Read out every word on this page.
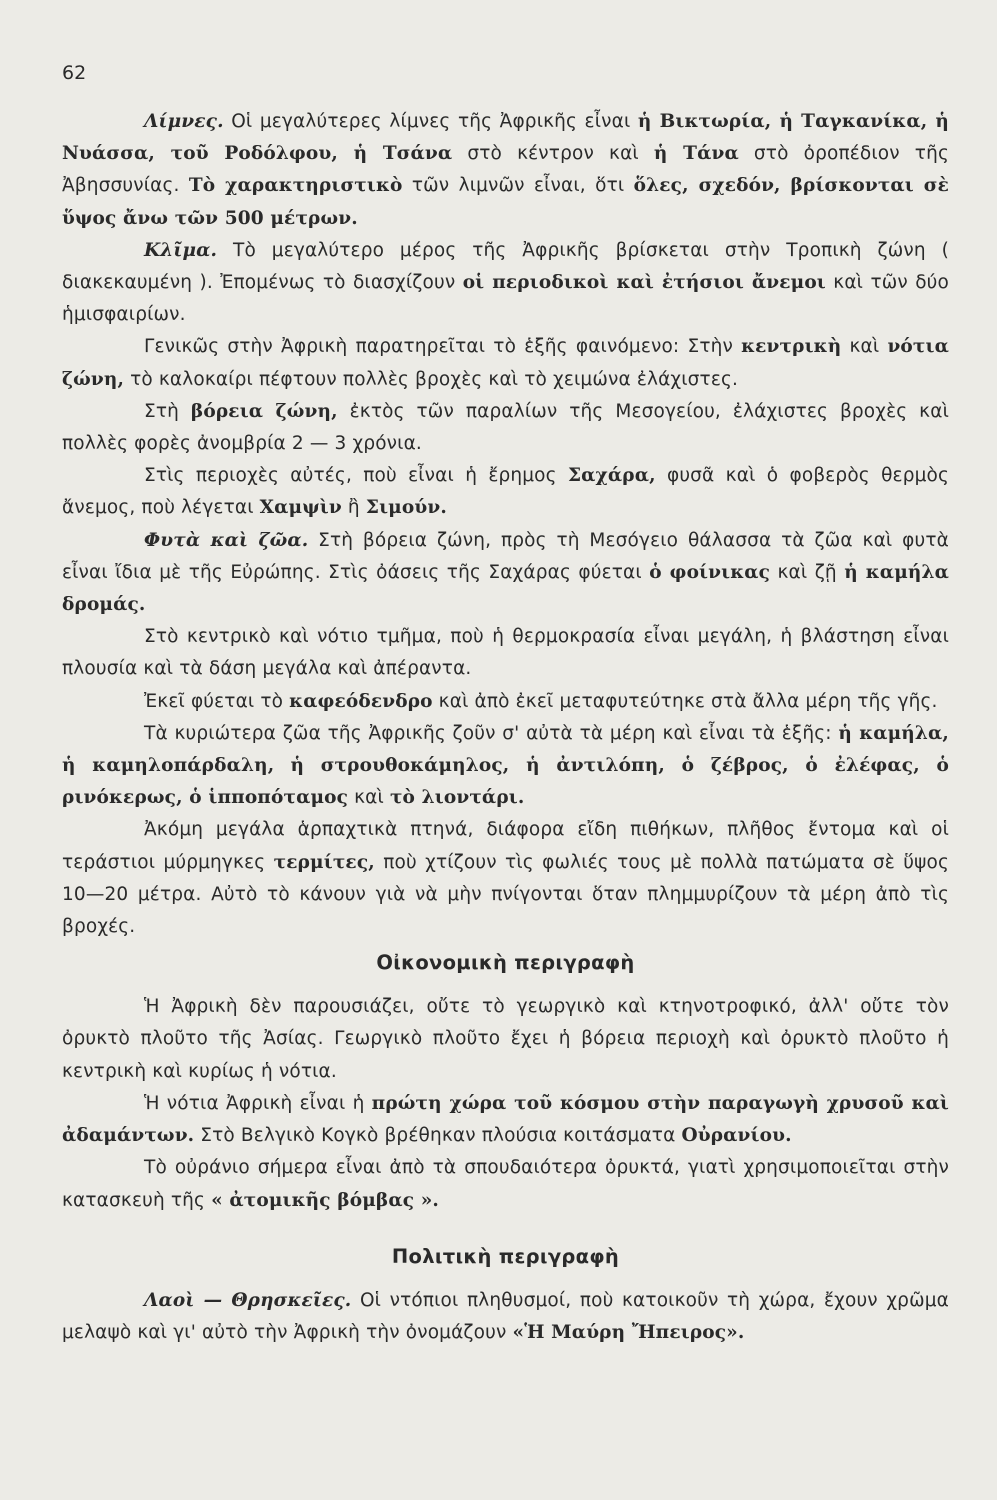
62
Λίμνες. Οἱ μεγαλύτερες λίμνες τῆς Ἀφρικῆς εἶναι ἡ Βικτωρία, ἡ Ταγκανίκα, ἡ Νυάσσα, τοῦ Ροδόλφου, ἡ Τσάνα στὸ κέντρον καὶ ἡ Τάνα στὸ ὀροπέδιον τῆς Ἀβησσυνίας. Τὸ χαρακτηριστικὸ τῶν λιμνῶν εἶναι, ὅτι ὅλες, σχεδόν, βρίσκονται σὲ ὕψος ἄνω τῶν 500 μέτρων.
Κλῖμα. Τὸ μεγαλύτερο μέρος τῆς Ἀφρικῆς βρίσκεται στὴν Τροπικὴ ζώνη ( διακεκαυμένη ). Ἐπομένως τὸ διασχίζουν οἱ περιοδικοὶ καὶ ἐτήσιοι ἄνεμοι καὶ τῶν δύο ἡμισφαιρίων.
Γενικῶς στὴν Ἀφρικὴ παρατηρεῖται τὸ ἑξῆς φαινόμενο: Στὴν κεντρικὴ καὶ νότια ζώνη, τὸ καλοκαίρι πέφτουν πολλὲς βροχὲς καὶ τὸ χειμώνα ἐλάχιστες.
Στὴ βόρεια ζώνη, ἐκτὸς τῶν παραλίων τῆς Μεσογείου, ἐλάχιστες βροχὲς καὶ πολλὲς φορὲς ἀνομβρία 2 — 3 χρόνια.
Στὶς περιοχὲς αὐτές, ποὺ εἶναι ἡ ἔρημος Σαχάρα, φυσᾶ καὶ ὁ φοβερὸς θερμὸς ἄνεμος, ποὺ λέγεται Χαμψὶν ἢ Σιμούν.
Φυτὰ καὶ ζῶα. Στὴ βόρεια ζώνη, πρὸς τὴ Μεσόγειο θάλασσα τὰ ζῶα καὶ φυτὰ εἶναι ἴδια μὲ τῆς Εὐρώπης. Στὶς ὀάσεις τῆς Σαχάρας φύεται ὁ φοίνικας καὶ ζῇ ἡ καμήλα δρομάς.
Στὸ κεντρικὸ καὶ νότιο τμῆμα, ποὺ ἡ θερμοκρασία εἶναι μεγάλη, ἡ βλάστηση εἶναι πλουσία καὶ τὰ δάση μεγάλα καὶ ἀπέραντα.
Ἐκεῖ φύεται τὸ καφεόδενδρο καὶ ἀπὸ ἐκεῖ μεταφυτεύτηκε στὰ ἄλλα μέρη τῆς γῆς.
Τὰ κυριώτερα ζῶα τῆς Ἀφρικῆς ζοῦν σ' αὐτὰ τὰ μέρη καὶ εἶναι τὰ ἑξῆς: ἡ καμήλα, ἡ καμηλοπάρδαλη, ἡ στρουθοκάμηλος, ἡ ἀντιλόπη, ὁ ζέβρος, ὁ ἐλέφας, ὁ ρινόκερως, ὁ ἱπποπόταμος καὶ τὸ λιοντάρι.
Ἀκόμη μεγάλα ἁρπαχτικὰ πτηνά, διάφορα εἴδη πιθήκων, πλῆθος ἔντομα καὶ οἱ τεράστιοι μύρμηγκες τερμίτες, ποὺ χτίζουν τὶς φωλιές τους μὲ πολλὰ πατώματα σὲ ὕψος 10—20 μέτρα. Αὐτὸ τὸ κάνουν γιὰ νὰ μὴν πνίγονται ὅταν πλημμυρίζουν τὰ μέρη ἀπὸ τὶς βροχές.
Οἰκονομικὴ περιγραφὴ
Ἡ Ἀφρικὴ δὲν παρουσιάζει, οὔτε τὸ γεωργικὸ καὶ κτηνοτροφικό, ἀλλ' οὔτε τὸν ὀρυκτὸ πλοῦτο τῆς Ἀσίας. Γεωργικὸ πλοῦτο ἔχει ἡ βόρεια περιοχὴ καὶ ὀρυκτὸ πλοῦτο ἡ κεντρικὴ καὶ κυρίως ἡ νότια.
Ἡ νότια Ἀφρικὴ εἶναι ἡ πρώτη χώρα τοῦ κόσμου στὴν παραγωγὴ χρυσοῦ καὶ ἀδαμάντων. Στὸ Βελγικὸ Κογκὸ βρέθηκαν πλούσια κοιτάσματα Οὐρανίου.
Τὸ οὐράνιο σήμερα εἶναι ἀπὸ τὰ σπουδαιότερα ὀρυκτά, γιατὶ χρησιμοποιεῖται στὴν κατασκευὴ τῆς « ἀτομικῆς βόμβας ».
Πολιτικὴ περιγραφὴ
Λαοὶ — Θρησκεῖες. Οἱ ντόπιοι πληθυσμοί, ποὺ κατοικοῦν τὴ χώρα, ἔχουν χρῶμα μελαψὸ καὶ γι' αὐτὸ τὴν Ἀφρικὴ τὴν ὀνομάζουν «Ἡ Μαύρη Ἤπειρος».
